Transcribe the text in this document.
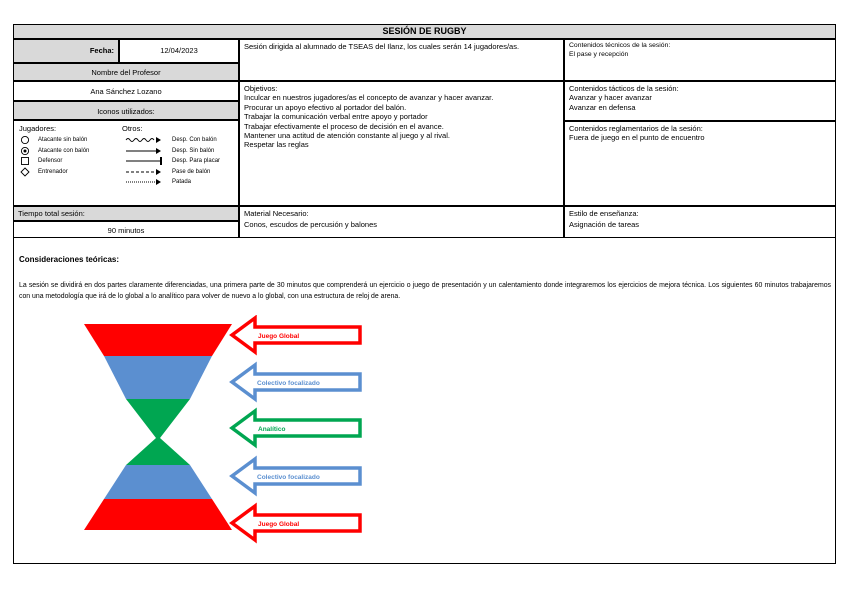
SESIÓN DE RUGBY
Fecha:	12/04/2023
Nombre del Profesor
Ana Sánchez Lozano
Iconos utilizados:
Jugadores:
Atacante sin balón
Atacante con balón
Defensor
Entrenador
Otros:
Desp. Con balón
Desp. Sin balón
Desp. Para placar
Pase de balón
Patada
Sesión dirigida al alumnado de TSEAS del Ilanz, los cuales serán 14 jugadores/as.
Objetivos:
Inculcar en nuestros jugadores/as el concepto de avanzar y hacer avanzar.
Procurar un apoyo efectivo al portador del balón.
Trabajar la comunicación verbal entre apoyo y portador
Trabajar efectivamente el proceso de decisión en el avance.
Mantener una actitud de atención constante al juego y al rival.
Respetar las reglas
Contenidos técnicos de la sesión:
El pase y recepción
Contenidos tácticos de la sesión:
Avanzar y hacer avanzar
Avanzar en defensa
Contenidos reglamentarios de la sesión:
Fuera de juego en el punto de encuentro
Tiempo total sesión:
90 minutos
Material Necesario:
Conos, escudos de percusión y balones
Estilo de enseñanza:
Asignación de tareas
Consideraciones teóricas:
La sesión se dividirá en dos partes claramente diferenciadas, una primera parte de 30 minutos que comprenderá un ejercicio o juego de presentación y un calentamiento donde integraremos los ejercicios de mejora técnica. Los siguientes 60 minutos trabajaremos con una metodología que irá de lo global a lo analítico para volver de nuevo a lo global, con una estructura de reloj de arena.
Juego Global
Colectivo focalizado
Analítico
Colectivo focalizado
Juego Global
